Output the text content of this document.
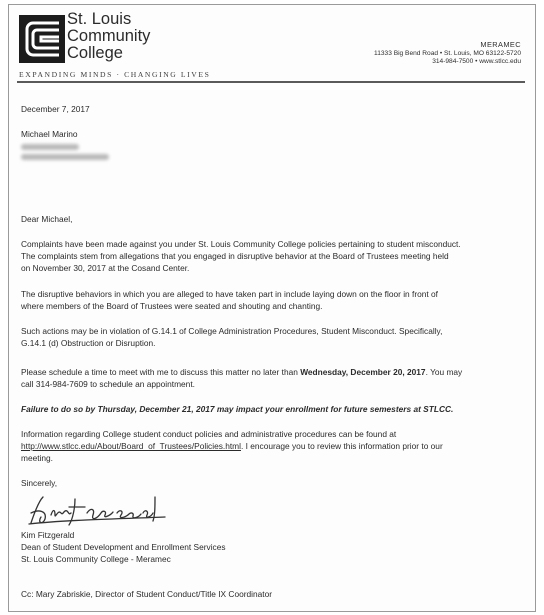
St. Louis
Community
College
EXPANDING MINDS · CHANGING LIVES
MERAMEC
11333 Big Bend Road • St. Louis, MO 63122-5720
314-984-7500 • www.stlcc.edu
December 7, 2017
Michael Marino
Dear Michael,
Complaints have been made against you under St. Louis Community College policies pertaining to student misconduct.
The complaints stem from allegations that you engaged in disruptive behavior at the Board of Trustees meeting held
on November 30, 2017 at the Cosand Center.
The disruptive behaviors in which you are alleged to have taken part in include laying down on the floor in front of
where members of the Board of Trustees were seated and shouting and chanting.
Such actions may be in violation of G.14.1 of College Administration Procedures, Student Misconduct. Specifically,
G.14.1 (d) Obstruction or Disruption.
Please schedule a time to meet with me to discuss this matter no later than Wednesday, December 20, 2017. You may
call 314-984-7609 to schedule an appointment.
Failure to do so by Thursday, December 21, 2017 may impact your enrollment for future semesters at STLCC.
Information regarding College student conduct policies and administrative procedures can be found at
http://www.stlcc.edu/About/Board_of_Trustees/Policies.html. I encourage you to review this information prior to our
meeting.
Sincerely,
Kim Fitzgerald
Dean of Student Development and Enrollment Services
St. Louis Community College - Meramec
Cc: Mary Zabriskie, Director of Student Conduct/Title IX Coordinator
